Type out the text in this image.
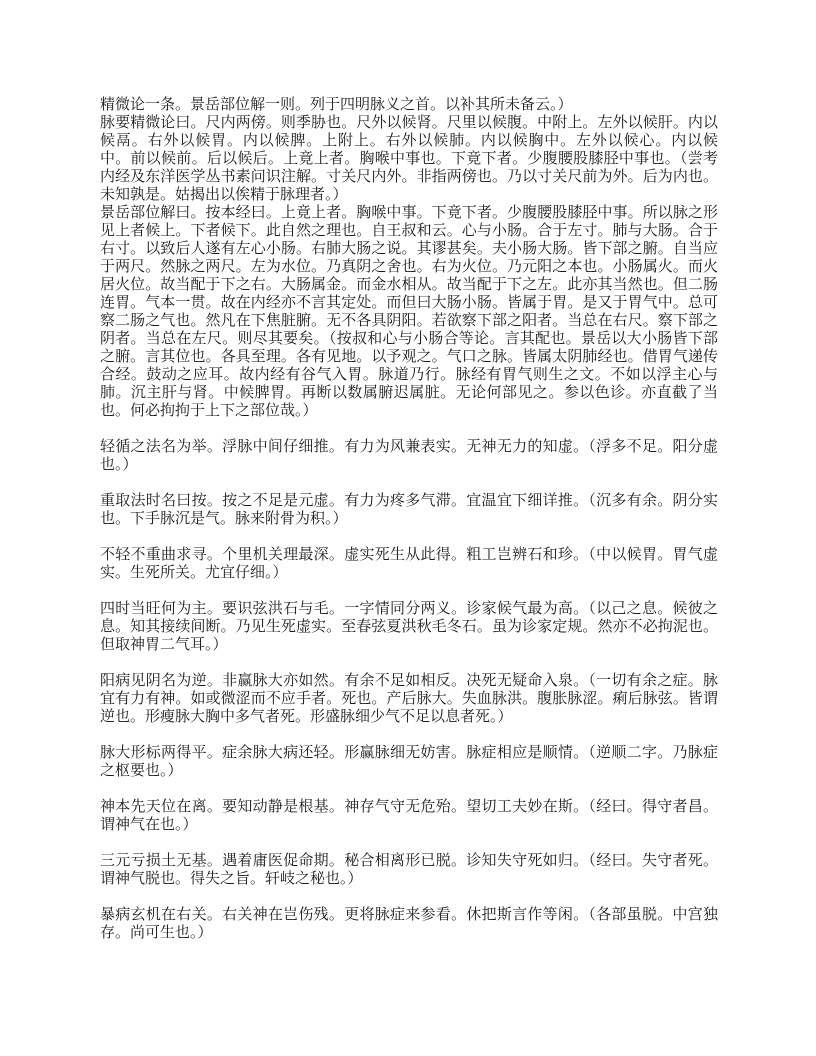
精微论一条。景岳部位解一则。列于四明脉义之首。以补其所未备云。）

脉要精微论曰。尺内两傍。则季胁也。尺外以候肾。尺里以候腹。中附上。左外以候肝。内以候鬲。右外以候胃。内以候脾。上附上。右外以候肺。内以候胸中。左外以候心。内以候　中。前以候前。后以候后。上竟上者。胸喉中事也。下竟下者。少腹腰股膝胫中事也。（尝考内经及东洋医学丛书素问识注解。寸关尺内外。非指两傍也。乃以寸关尺前为外。后为内也。未知孰是。姑揭出以俟精于脉理者。）

景岳部位解曰。按本经曰。上竟上者。胸喉中事。下竟下者。少腹腰股膝胫中事。所以脉之形见上者候上。下者候下。此自然之理也。自王叔和云。心与小肠。合于左寸。肺与大肠。合于右寸。以致后人遂有左心小肠。右肺大肠之说。其谬甚矣。夫小肠大肠。皆下部之腑。自当应于两尺。然脉之两尺。左为水位。乃真阴之舍也。右为火位。乃元阳之本也。小肠属火。而火居火位。故当配于下之右。大肠属金。而金水相从。故当配于下之左。此亦其当然也。但二肠连胃。气本一贯。故在内经亦不言其定处。而但曰大肠小肠。皆属于胃。是又于胃气中。总可察二肠之气也。然凡在下焦脏腑。无不各具阴阳。若欲察下部之阳者。当总在右尺。察下部之阴者。当总在左尺。则尽其要矣。（按叔和心与小肠合等论。言其配也。景岳以大小肠皆下部之腑。言其位也。各具至理。各有见地。以予观之。气口之脉。皆属太阴肺经也。借胃气递传合经。鼓动之应耳。故内经有谷气入胃。脉道乃行。脉经有胃气则生之文。不如以浮主心与肺。沉主肝与肾。中候脾胃。再断以数属腑迟属脏。无论何部见之。参以色诊。亦直截了当也。何必拘拘于上下之部位哉。）

轻循之法名为举。浮脉中间仔细推。有力为风兼表实。无神无力的知虚。（浮多不足。阳分虚也。）

重取法时名曰按。按之不足是元虚。有力为疼多气滞。宜温宜下细详推。（沉多有余。阴分实也。下手脉沉是气。脉来附骨为积。）

不轻不重曲求寻。个里机关理最深。虚实死生从此得。粗工岂辨石和珍。（中以候胃。胃气虚实。生死所关。尤宜仔细。）

四时当旺何为主。要识弦洪石与毛。一字情同分两义。诊家候气最为高。（以己之息。候彼之息。知其接续间断。乃见生死虚实。至春弦夏洪秋毛冬石。虽为诊家定规。然亦不必拘泥也。但取神胃二气耳。）

阳病见阴名为逆。非赢脉大亦如然。有余不足如相反。决死无疑命入泉。（一切有余之症。脉宜有力有神。如或微涩而不应手者。死也。产后脉大。失血脉洪。腹胀脉涩。痢后脉弦。皆谓逆也。形瘦脉大胸中多气者死。形盛脉细少气不足以息者死。）

脉大形标两得平。症余脉大病还轻。形赢脉细无妨害。脉症相应是顺情。（逆顺二字。乃脉症之枢要也。）

神本先天位在离。要知动静是根基。神存气守无危殆。望切工夫妙在斯。（经曰。得守者昌。谓神气在也。）

三元亏损土无基。遇着庸医促命期。秘合相离形已脱。诊知失守死如归。（经曰。失守者死。谓神气脱也。得失之旨。轩岐之秘也。）

暴病玄机在右关。右关神在岂伤残。更将脉症来参看。休把斯言作等闲。（各部虽脱。中宫独存。尚可生也。）
